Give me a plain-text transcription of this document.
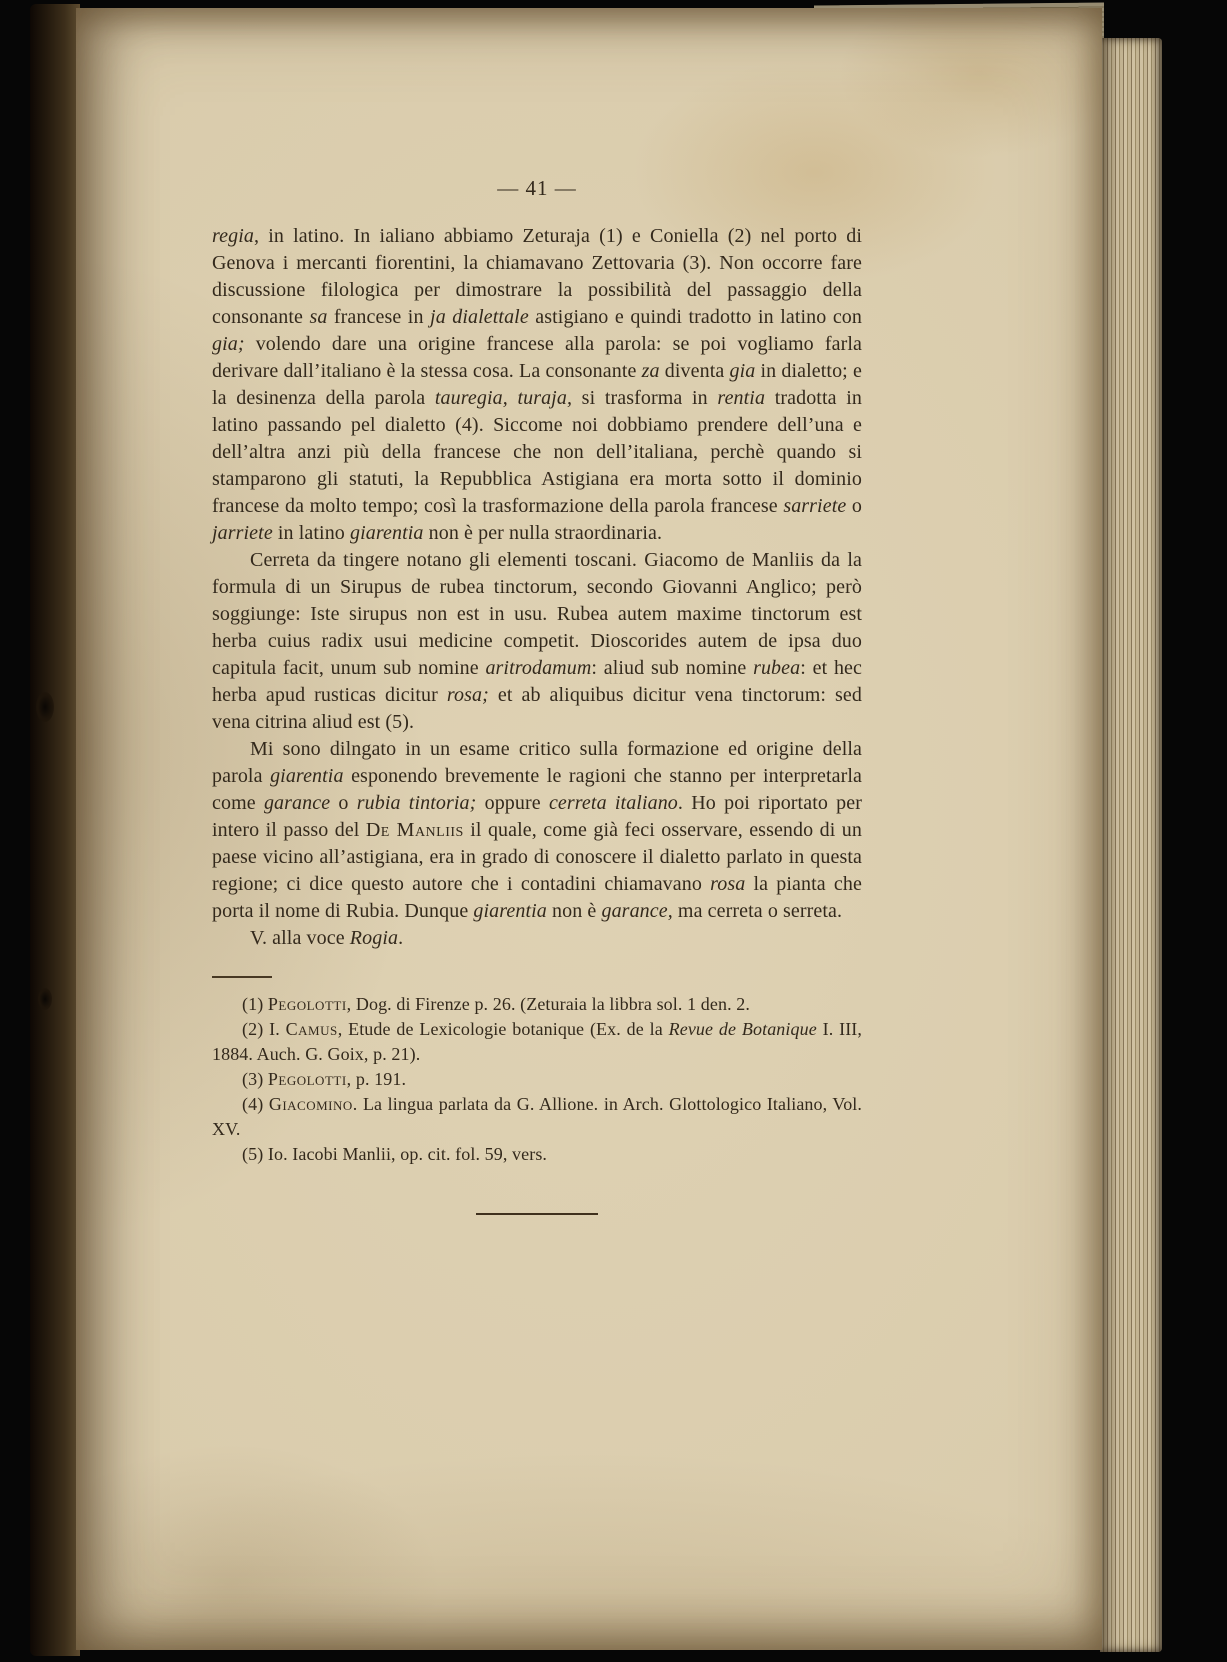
— 41 —

regia, in latino. In ialiano abbiamo Zeturaja (1) e Coniella (2) nel porto di Genova i mercanti fiorentini, la chiamavano Zettovaria (3). Non occorre fare discussione filologica per dimostrare la possibilità del passaggio della consonante sa francese in ja dialettale astigiano e quindi tradotto in latino con gia; volendo dare una origine francese alla parola: se poi vogliamo farla derivare dall’italiano è la stessa cosa. La consonante za diventa gia in dialetto; e la desinenza della parola tauregia, turaja, si trasforma in rentia tradotta in latino passando pel dialetto (4). Siccome noi dobbiamo prendere dell’una e dell’altra anzi più della francese che non dell’italiana, perchè quando si stamparono gli statuti, la Repubblica Astigiana era morta sotto il dominio francese da molto tempo; così la trasformazione della parola francese sarriete o jarriete in latino giarentia non è per nulla straordinaria.

Cerreta da tingere notano gli elementi toscani. Giacomo de Manliis da la formula di un Sirupus de rubea tinctorum, secondo Giovanni Anglico; però soggiunge: Iste sirupus non est in usu. Rubea autem maxime tinctorum est herba cuius radix usui medicine competit. Dioscorides autem de ipsa duo capitula facit, unum sub nomine aritrodamum: aliud sub nomine rubea: et hec herba apud rusticas dicitur rosa; et ab aliquibus dicitur vena tinctorum: sed vena citrina aliud est (5).

Mi sono dilngato in un esame critico sulla formazione ed origine della parola giarentia esponendo brevemente le ragioni che stanno per interpretarla come garance o rubia tintoria; oppure cerreta italiano. Ho poi riportato per intero il passo del De Manliis il quale, come già feci osservare, essendo di un paese vicino all’astigiana, era in grado di conoscere il dialetto parlato in questa regione; ci dice questo autore che i contadini chiamavano rosa la pianta che porta il nome di Rubia. Dunque giarentia non è garance, ma cerreta o serreta.

V. alla voce Rogia.

(1) Pegolotti, Dog. di Firenze p. 26. (Zeturaia la libbra sol. 1 den. 2.

(2) I. Camus, Etude de Lexicologie botanique (Ex. de la Revue de Botanique I. III, 1884. Auch. G. Goix, p. 21).

(3) Pegolotti, p. 191.

(4) Giacomino. La lingua parlata da G. Allione. in Arch. Glottologico Italiano, Vol. XV.

(5) Io. Iacobi Manlii, op. cit. fol. 59, vers.
